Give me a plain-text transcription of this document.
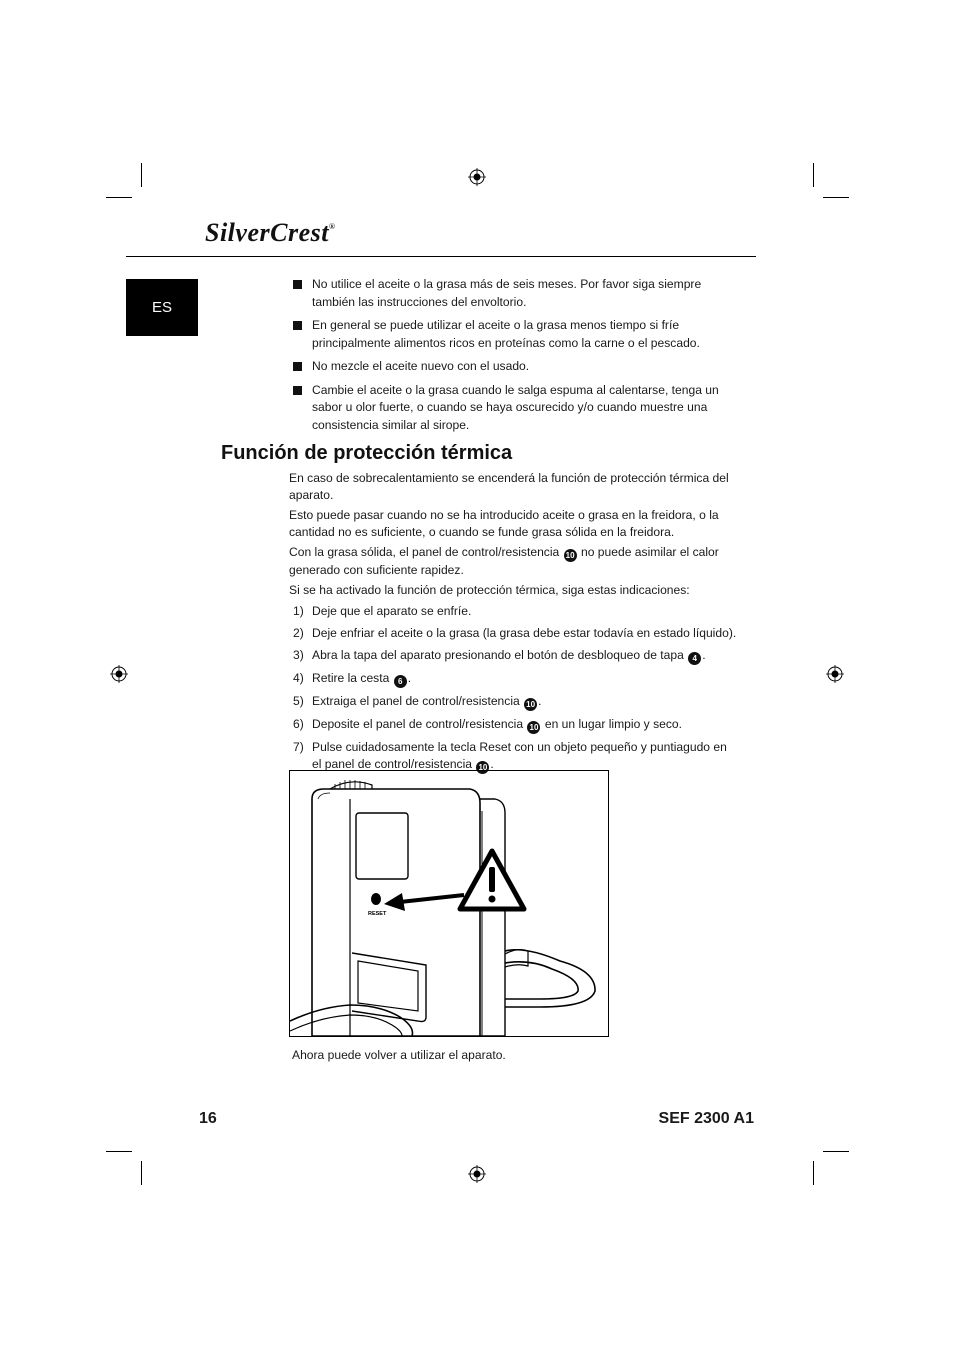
SilverCrest®
ES
No utilice el aceite o la grasa más de seis meses. Por favor siga siempre también las instrucciones del envoltorio.
En general se puede utilizar el aceite o la grasa menos tiempo si fríe principalmente alimentos ricos en proteínas como la carne o el pescado.
No mezcle el aceite nuevo con el usado.
Cambie el aceite o la grasa cuando le salga espuma al calentarse, tenga un sabor u olor fuerte, o cuando se haya oscurecido y/o cuando muestre una consistencia similar al sirope.
Función de protección térmica

En caso de sobrecalentamiento se encenderá la función de protección térmica del aparato.

Esto puede pasar cuando no se ha introducido aceite o grasa en la freidora, o la cantidad no es suficiente, o cuando se funde grasa sólida en la freidora.

Con la grasa sólida, el panel de control/resistencia 10 no puede asimilar el calor generado con suficiente rapidez.

Si se ha activado la función de protección térmica, siga estas indicaciones:

1) Deje que el aparato se enfríe.
2) Deje enfriar el aceite o la grasa (la grasa debe estar todavía en estado líquido).
3) Abra la tapa del aparato presionando el botón de desbloqueo de tapa 4 .
4) Retire la cesta 6 .
5) Extraiga el panel de control/resistencia 10 .
6) Deposite el panel de control/resistencia 10 en un lugar limpio y seco.
7) Pulse cuidadosamente la tecla Reset con un objeto pequeño y puntiagudo en el panel de control/resistencia 10 .
RESET
Ahora puede volver a utilizar el aparato.
16	SEF 2300 A1
